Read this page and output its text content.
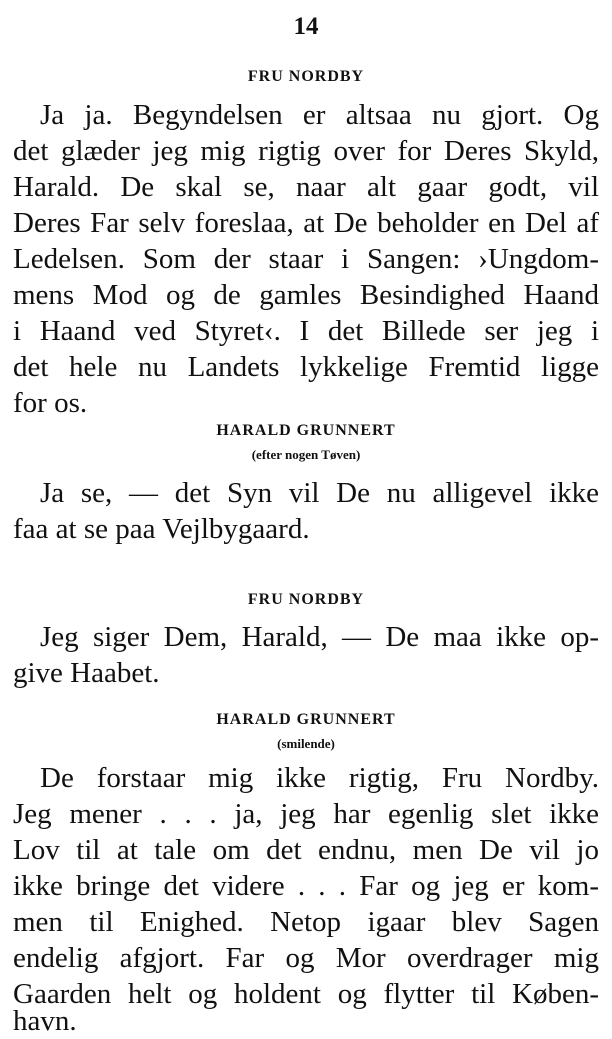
14
FRU NORDBY
Ja ja. Begyndelsen er altsaa nu gjort. Og
det glæder jeg mig rigtig over for Deres Skyld,
Harald. De skal se, naar alt gaar godt, vil
Deres Far selv foreslaa, at De beholder en Del af
Ledelsen. Som der staar i Sangen: ›Ungdom-
mens Mod og de gamles Besindighed Haand
i Haand ved Styret‹. I det Billede ser jeg i
det hele nu Landets lykkelige Fremtid ligge
for os.
HARALD GRUNNERT
(efter nogen Tøven)
Ja se, — det Syn vil De nu alligevel ikke
faa at se paa Vejlbygaard.
FRU NORDBY
Jeg siger Dem, Harald, — De maa ikke op-
give Haabet.
HARALD GRUNNERT
(smilende)
De forstaar mig ikke rigtig, Fru Nordby.
Jeg mener . . . ja, jeg har egenlig slet ikke
Lov til at tale om det endnu, men De vil jo
ikke bringe det videre . . . Far og jeg er kom-
men til Enighed. Netop igaar blev Sagen
endelig afgjort. Far og Mor overdrager mig
Gaarden helt og holdent og flytter til Køben-
havn.
